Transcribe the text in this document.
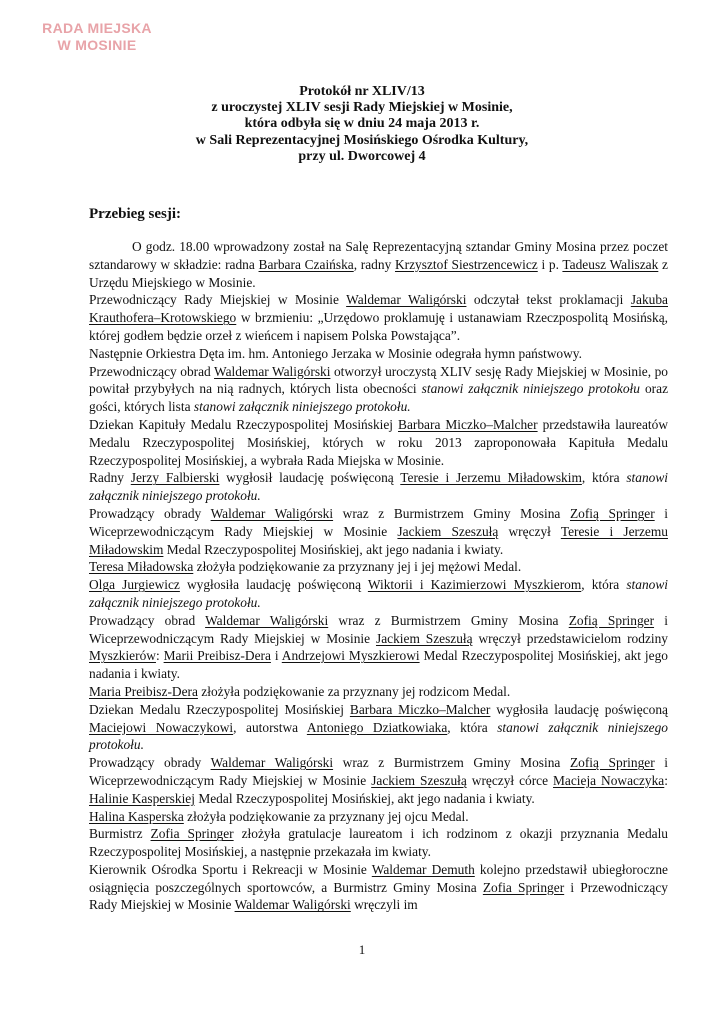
RADA MIEJSKA
W MOSINIE
Protokół nr XLIV/13
z uroczystej XLIV sesji Rady Miejskiej w Mosinie,
która odbyła się w dniu 24 maja 2013 r.
w Sali Reprezentacyjnej Mosińskiego Ośrodka Kultury,
przy ul. Dworcowej 4
Przebieg sesji:

O godz. 18.00 wprowadzony został na Salę Reprezentacyjną sztandar Gminy Mosina przez poczet sztandarowy w składzie: radna Barbara Czaińska, radny Krzysztof Siestrzencewicz i p. Tadeusz Waliszak z Urzędu Miejskiego w Mosinie.

Przewodniczący Rady Miejskiej w Mosinie Waldemar Waligórski odczytał tekst proklamacji Jakuba Krauthofera–Krotowskiego w brzmieniu: „Urzędowo proklamuję i ustanawiam Rzeczpospolitą Mosińską, której godłem będzie orzeł z wieńcem i napisem Polska Powstająca”.

Następnie Orkiestra Dęta im. hm. Antoniego Jerzaka w Mosinie odegrała hymn państwowy.

Przewodniczący obrad Waldemar Waligórski otworzył uroczystą XLIV sesję Rady Miejskiej w Mosinie, po powitał przybyłych na nią radnych, których lista obecności stanowi załącznik niniejszego protokołu oraz gości, których lista stanowi załącznik niniejszego protokołu.

Dziekan Kapituły Medalu Rzeczypospolitej Mosińskiej Barbara Miczko–Malcher przedstawiła laureatów Medalu Rzeczypospolitej Mosińskiej, których w roku 2013 zaproponowała Kapituła Medalu Rzeczypospolitej Mosińskiej, a wybrała Rada Miejska w Mosinie.

Radny Jerzy Falbierski wygłosił laudację poświęconą Teresie i Jerzemu Miładowskim, która stanowi załącznik niniejszego protokołu.

Prowadzący obrady Waldemar Waligórski wraz z Burmistrzem Gminy Mosina Zofią Springer i Wiceprzewodniczącym Rady Miejskiej w Mosinie Jackiem Szeszułą wręczył Teresie i Jerzemu Miładowskim Medal Rzeczypospolitej Mosińskiej, akt jego nadania i kwiaty.

Teresa Miładowska złożyła podziękowanie za przyznany jej i jej mężowi Medal.

Olga Jurgiewicz wygłosiła laudację poświęconą Wiktorii i Kazimierzowi Myszkierom, która stanowi załącznik niniejszego protokołu.

Prowadzący obrad Waldemar Waligórski wraz z Burmistrzem Gminy Mosina Zofią Springer i Wiceprzewodniczącym Rady Miejskiej w Mosinie Jackiem Szeszułą wręczył przedstawicielom rodziny Myszkierów: Marii Preibisz-Dera i Andrzejowi Myszkierowi Medal Rzeczypospolitej Mosińskiej, akt jego nadania i kwiaty.

Maria Preibisz-Dera złożyła podziękowanie za przyznany jej rodzicom Medal.

Dziekan Medalu Rzeczypospolitej Mosińskiej Barbara Miczko–Malcher wygłosiła laudację poświęconą Maciejowi Nowaczykowi, autorstwa Antoniego Dziatkowiaka, która stanowi załącznik niniejszego protokołu.

Prowadzący obrady Waldemar Waligórski wraz z Burmistrzem Gminy Mosina Zofią Springer i Wiceprzewodniczącym Rady Miejskiej w Mosinie Jackiem Szeszułą wręczył córce Macieja Nowaczyka: Halinie Kasperskiej Medal Rzeczypospolitej Mosińskiej, akt jego nadania i kwiaty.

Halina Kasperska złożyła podziękowanie za przyznany jej ojcu Medal.

Burmistrz Zofia Springer złożyła gratulacje laureatom i ich rodzinom z okazji przyznania Medalu Rzeczypospolitej Mosińskiej, a następnie przekazała im kwiaty.

Kierownik Ośrodka Sportu i Rekreacji w Mosinie Waldemar Demuth kolejno przedstawił ubiegłoroczne osiągnięcia poszczególnych sportowców, a Burmistrz Gminy Mosina Zofia Springer i Przewodniczący Rady Miejskiej w Mosinie Waldemar Waligórski wręczyli im

1
